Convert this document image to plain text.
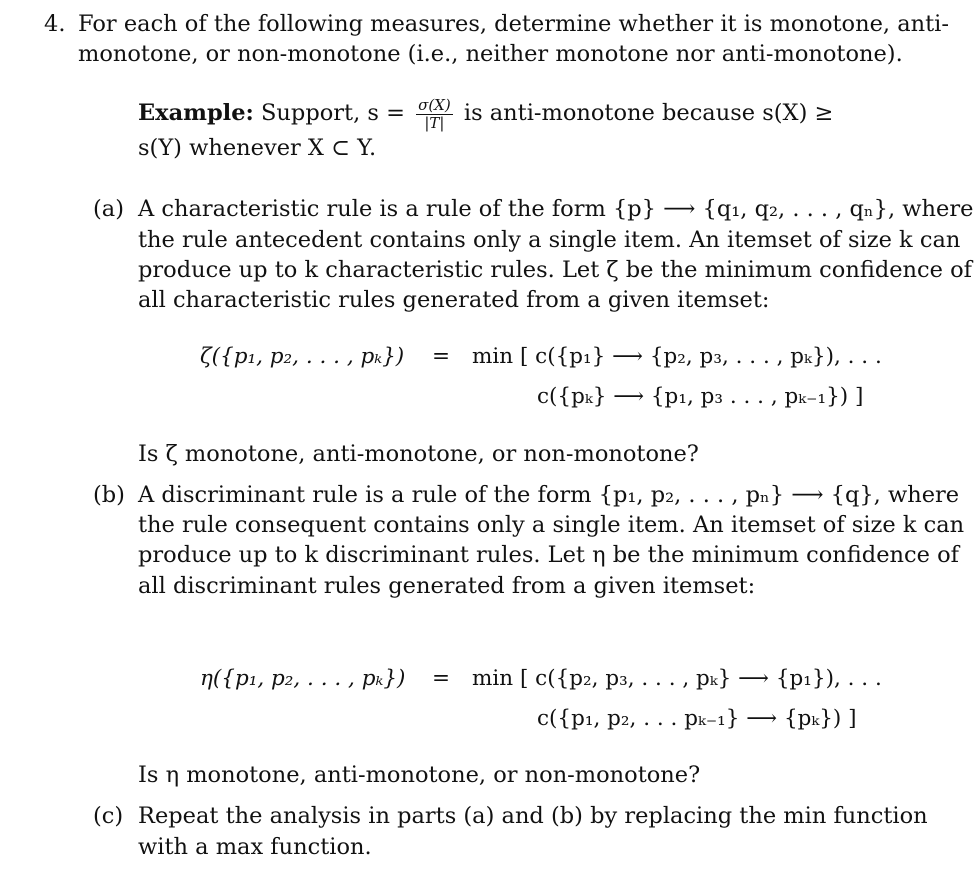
4. For each of the following measures, determine whether it is monotone, anti-
monotone, or non-monotone (i.e., neither monotone nor anti-monotone).
Example: Support, $s = \frac{\sigma(X)}{|T|}$ is anti-monotone because s(X) ≥
s(Y) whenever X ⊂ Y.
(a) A characteristic rule is a rule of the form {p} ⟶ {q₁, q₂, . . . , qₙ}, where
the rule antecedent contains only a single item. An itemset of size k can
produce up to k characteristic rules. Let ζ be the minimum confidence of
all characteristic rules generated from a given itemset:
ζ({p₁, p₂, . . . , pₖ}) = min [ c({p₁} ⟶ {p₂, p₃, . . . , pₖ}), . . .
c({pₖ} ⟶ {p₁, p₃ . . . , pₖ₋₁}) ]
Is ζ monotone, anti-monotone, or non-monotone?
(b) A discriminant rule is a rule of the form {p₁, p₂, . . . , pₙ} ⟶ {q}, where
the rule consequent contains only a single item. An itemset of size k can
produce up to k discriminant rules. Let η be the minimum confidence of
all discriminant rules generated from a given itemset:
η({p₁, p₂, . . . , pₖ}) = min [ c({p₂, p₃, . . . , pₖ} ⟶ {p₁}), . . .
c({p₁, p₂, . . . pₖ₋₁} ⟶ {pₖ}) ]
Is η monotone, anti-monotone, or non-monotone?
(c) Repeat the analysis in parts (a) and (b) by replacing the min function
with a max function.
